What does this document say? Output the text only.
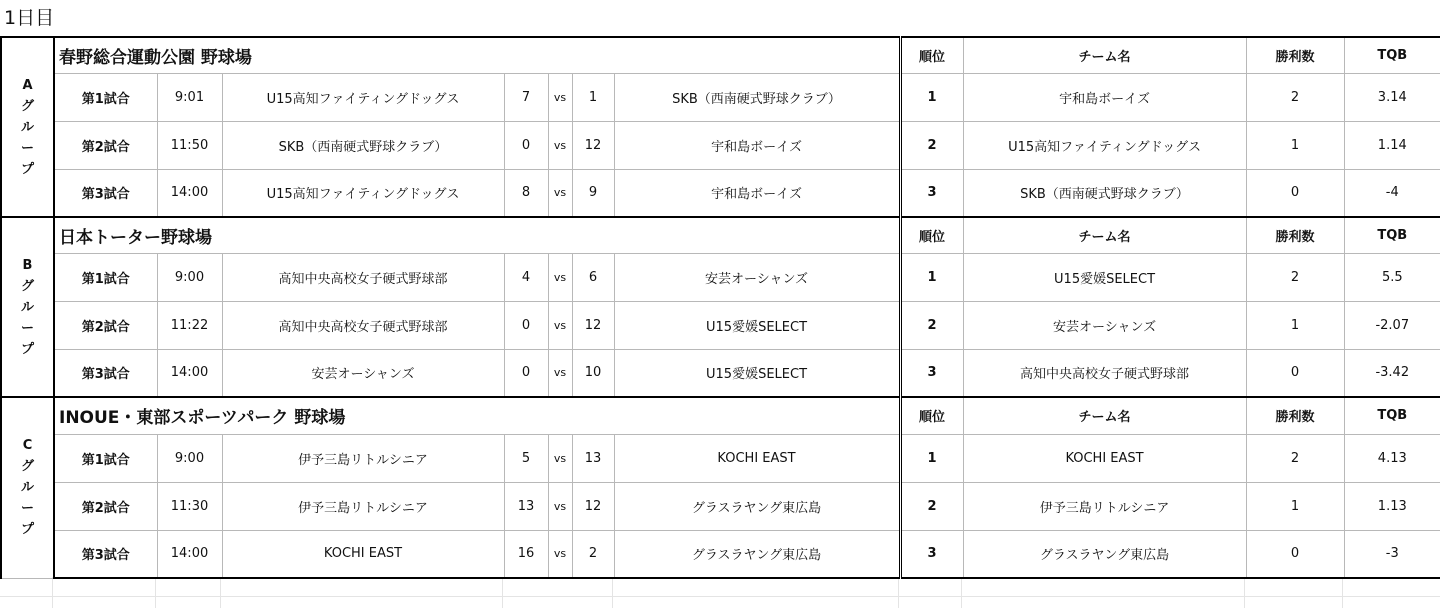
1日目
A
グ
ル
ー
プ	春野総合運動公園 野球場							順位	チーム名	勝利数	TQB
	第1試合	9:01	U15高知ファイティングドッグス	7	vs	1	SKB（西南硬式野球クラブ）	1	宇和島ボーイズ	2	3.14
	第2試合	11:50	SKB（西南硬式野球クラブ）	0	vs	12	宇和島ボーイズ	2	U15高知ファイティングドッグス	1	1.14
	第3試合	14:00	U15高知ファイティングドッグス	8	vs	9	宇和島ボーイズ	3	SKB（西南硬式野球クラブ）	0	-4
B
グ
ル
ー
プ	日本トーター野球場							順位	チーム名	勝利数	TQB
	第1試合	9:00	高知中央高校女子硬式野球部	4	vs	6	安芸オーシャンズ	1	U15愛媛SELECT	2	5.5
	第2試合	11:22	高知中央高校女子硬式野球部	0	vs	12	U15愛媛SELECT	2	安芸オーシャンズ	1	-2.07
	第3試合	14:00	安芸オーシャンズ	0	vs	10	U15愛媛SELECT	3	高知中央高校女子硬式野球部	0	-3.42
C
グ
ル
ー
プ	INOUE・東部スポーツパーク 野球場							順位	チーム名	勝利数	TQB
	第1試合	9:00	伊予三島リトルシニア	5	vs	13	KOCHI EAST	1	KOCHI EAST	2	4.13
	第2試合	11:30	伊予三島リトルシニア	13	vs	12	グラスラヤング東広島	2	伊予三島リトルシニア	1	1.13
	第3試合	14:00	KOCHI EAST	16	vs	2	グラスラヤング東広島	3	グラスラヤング東広島	0	-3
